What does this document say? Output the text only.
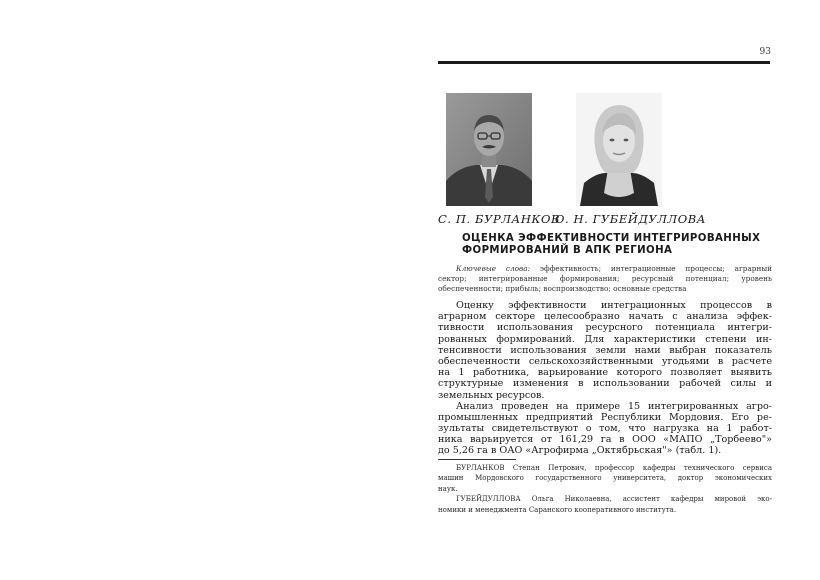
93
С. П. БУРЛАНКОВ
О. Н. ГУБЕЙДУЛЛОВА
ОЦЕНКА ЭФФЕКТИВНОСТИ ИНТЕГРИРОВАННЫХ
ФОРМИРОВАНИЙ В АПК РЕГИОНА
Ключевые слова: эффективность; интеграционные процессы; аграрный
сектор; интегрированные формирования; ресурсный потенциал; уровень
обеспеченности; прибыль; воспроизводство; основные средства
Оценку эффективности интеграционных процессов в
аграрном секторе целесообразно начать с анализа эффек-
тивности использования ресурсного потенциала интегри-
рованных формирований. Для характеристики степени ин-
тенсивности использования земли нами выбран показатель
обеспеченности сельскохозяйственными угодьями в расчете
на 1 работника, варьирование которого позволяет выявить
структурные изменения в использовании рабочей силы и
земельных ресурсов.
Анализ проведен на примере 15 интегрированных агро-
промышленных предприятий Республики Мордовия. Его ре-
зультаты свидетельствуют о том, что нагрузка на 1 работ-
ника варьируется от 161,29 га в ООО «МАПО „Торбеево"»
до 5,26 га в ОАО «Агрофирма „Октябрьская"» (табл. 1).
БУРЛАНКОВ Степан Петрович, профессор кафедры технического сервиса
машин Мордовского государственного университета, доктор экономических
наук.
ГУБЕЙДУЛЛОВА Ольга Николаевна, ассистент кафедры мировой эко-
номики и менеджмента Саранского кооперативного института.
